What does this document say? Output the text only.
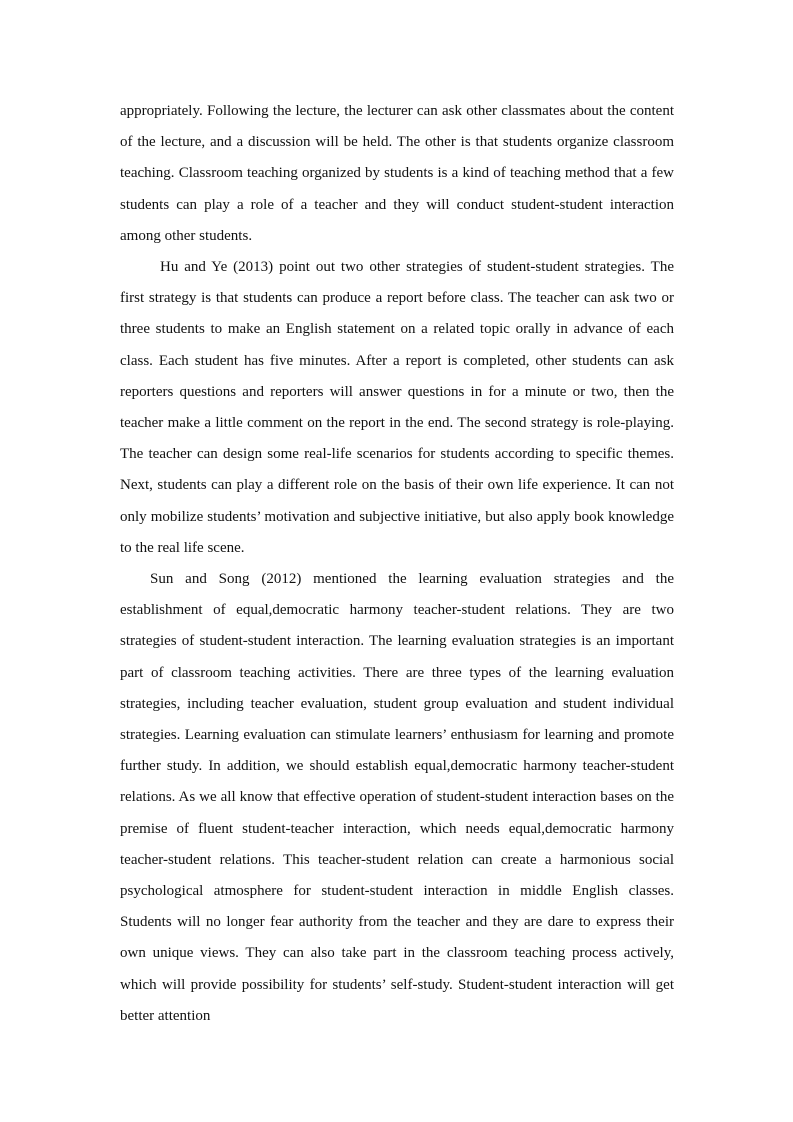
appropriately. Following the lecture, the lecturer can ask other classmates about the content of the lecture, and a discussion will be held. The other is that students organize classroom teaching. Classroom teaching organized by students is a kind of teaching method that a few students can play a role of a teacher and they will conduct student-student interaction among other students.

Hu and Ye (2013) point out two other strategies of student-student strategies. The first strategy is that students can produce a report before class. The teacher can ask two or three students to make an English statement on a related topic orally in advance of each class. Each student has five minutes. After a report is completed, other students can ask reporters questions and reporters will answer questions in for a minute or two, then the teacher make a little comment on the report in the end. The second strategy is role-playing. The teacher can design some real-life scenarios for students according to specific themes. Next, students can play a different role on the basis of their own life experience. It can not only mobilize students’ motivation and subjective initiative, but also apply book knowledge to the real life scene.

Sun and Song (2012) mentioned the learning evaluation strategies and the establishment of equal,democratic harmony teacher-student relations. They are two strategies of student-student interaction. The learning evaluation strategies is an important part of classroom teaching activities. There are three types of the learning evaluation strategies, including teacher evaluation, student group evaluation and student individual strategies. Learning evaluation can stimulate learners’ enthusiasm for learning and promote further study. In addition, we should establish equal,democratic harmony teacher-student relations. As we all know that effective operation of student-student interaction bases on the premise of fluent student-teacher interaction, which needs equal,democratic harmony teacher-student relations. This teacher-student relation can create a harmonious social psychological atmosphere for student-student interaction in middle English classes. Students will no longer fear authority from the teacher and they are dare to express their own unique views. They can also take part in the classroom teaching process actively, which will provide possibility for students’ self-study. Student-student interaction will get better attention
